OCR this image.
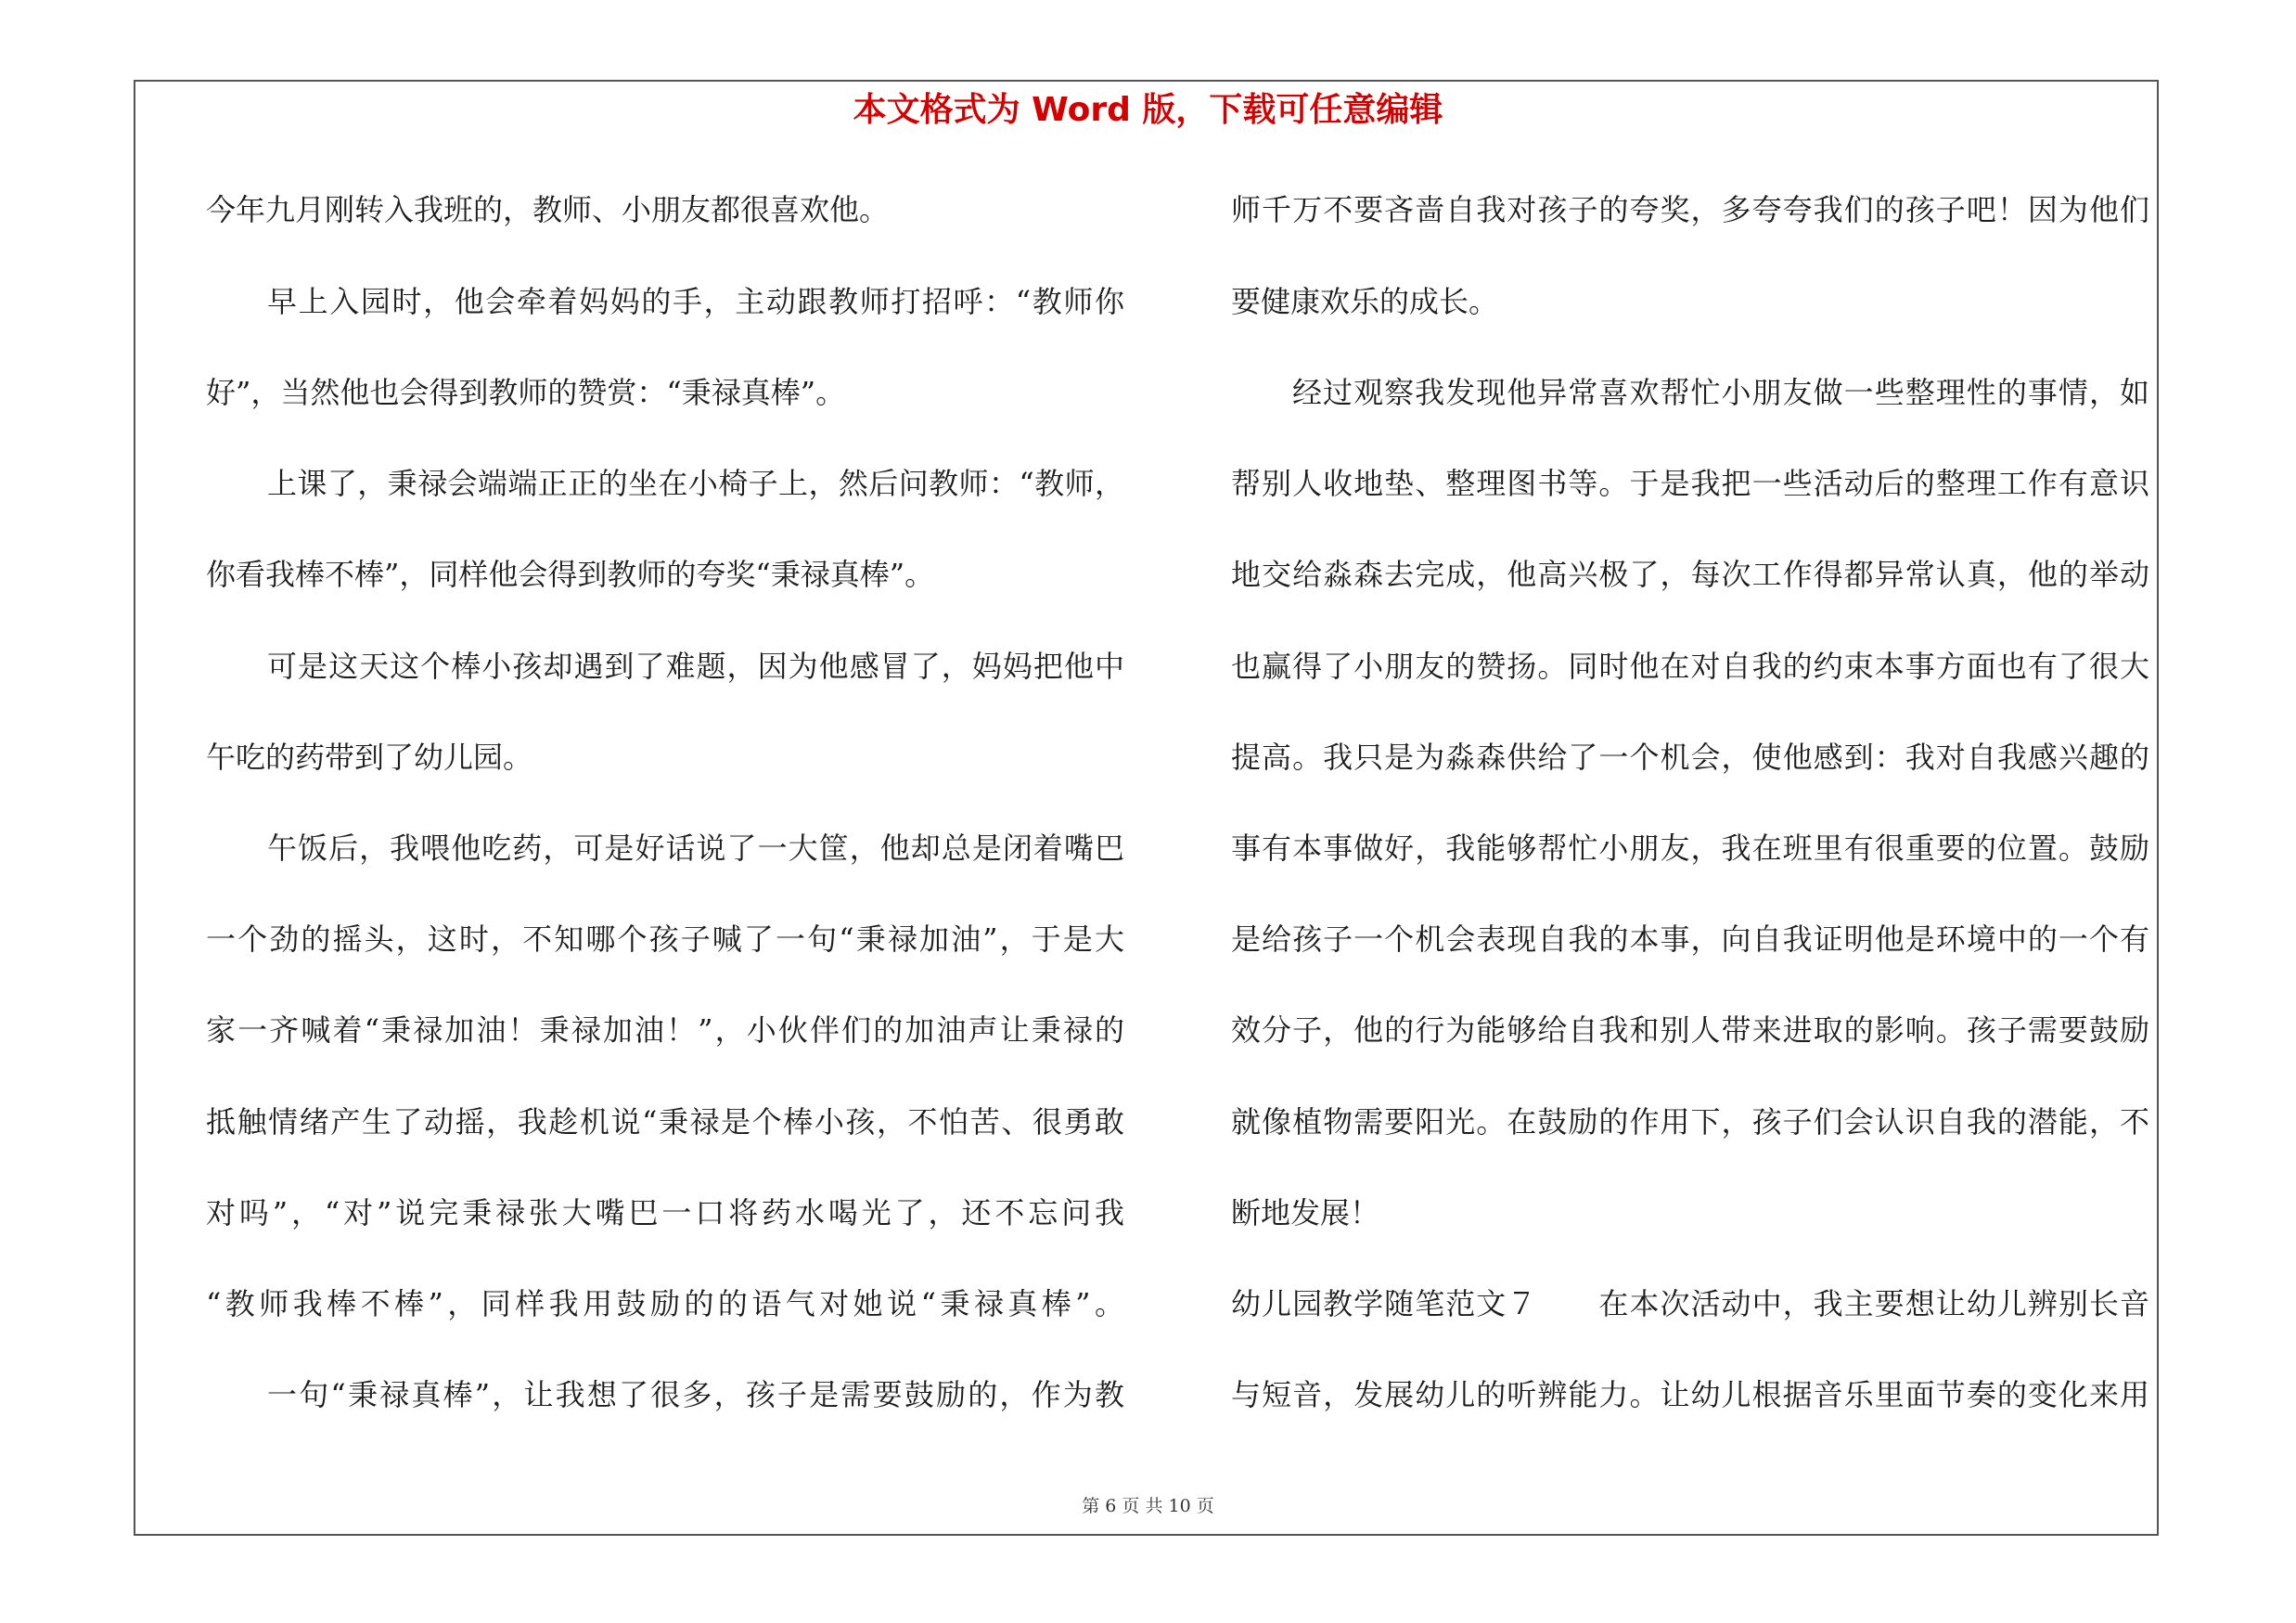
本文格式为 Word 版，下载可任意编辑
今年九月刚转入我班的，教师、小朋友都很喜欢他。
早上入园时，他会牵着妈妈的手，主动跟教师打招呼：“教师你
好”，当然他也会得到教师的赞赏：“秉禄真棒”。
上课了，秉禄会端端正正的坐在小椅子上，然后问教师：“教师，
你看我棒不棒”，同样他会得到教师的夸奖“秉禄真棒”。
可是这天这个棒小孩却遇到了难题，因为他感冒了，妈妈把他中
午吃的药带到了幼儿园。
午饭后，我喂他吃药，可是好话说了一大筐，他却总是闭着嘴巴
一个劲的摇头，这时，不知哪个孩子喊了一句“秉禄加油”，于是大
家一齐喊着“秉禄加油！秉禄加油！”，小伙伴们的加油声让秉禄的
抵触情绪产生了动摇，我趁机说“秉禄是个棒小孩，不怕苦、很勇敢
对吗”，“对”说完秉禄张大嘴巴一口将药水喝光了，还不忘问我
“教师我棒不棒”，同样我用鼓励的的语气对她说“秉禄真棒”。
一句“秉禄真棒”，让我想了很多，孩子是需要鼓励的，作为教
师千万不要吝啬自我对孩子的夸奖，多夸夸我们的孩子吧！因为他们
要健康欢乐的成长。
经过观察我发现他异常喜欢帮忙小朋友做一些整理性的事情，如
帮别人收地垫、整理图书等。于是我把一些活动后的整理工作有意识
地交给淼森去完成，他高兴极了，每次工作得都异常认真，他的举动
也赢得了小朋友的赞扬。同时他在对自我的约束本事方面也有了很大
提高。我只是为淼森供给了一个机会，使他感到：我对自我感兴趣的
事有本事做好，我能够帮忙小朋友，我在班里有很重要的位置。鼓励
是给孩子一个机会表现自我的本事，向自我证明他是环境中的一个有
效分子，他的行为能够给自我和别人带来进取的影响。孩子需要鼓励
就像植物需要阳光。在鼓励的作用下，孩子们会认识自我的潜能，不
断地发展！
幼儿园教学随笔范文７　　在本次活动中，我主要想让幼儿辨别长音
与短音，发展幼儿的听辨能力。让幼儿根据音乐里面节奏的变化来用
第 6 页 共 10 页
